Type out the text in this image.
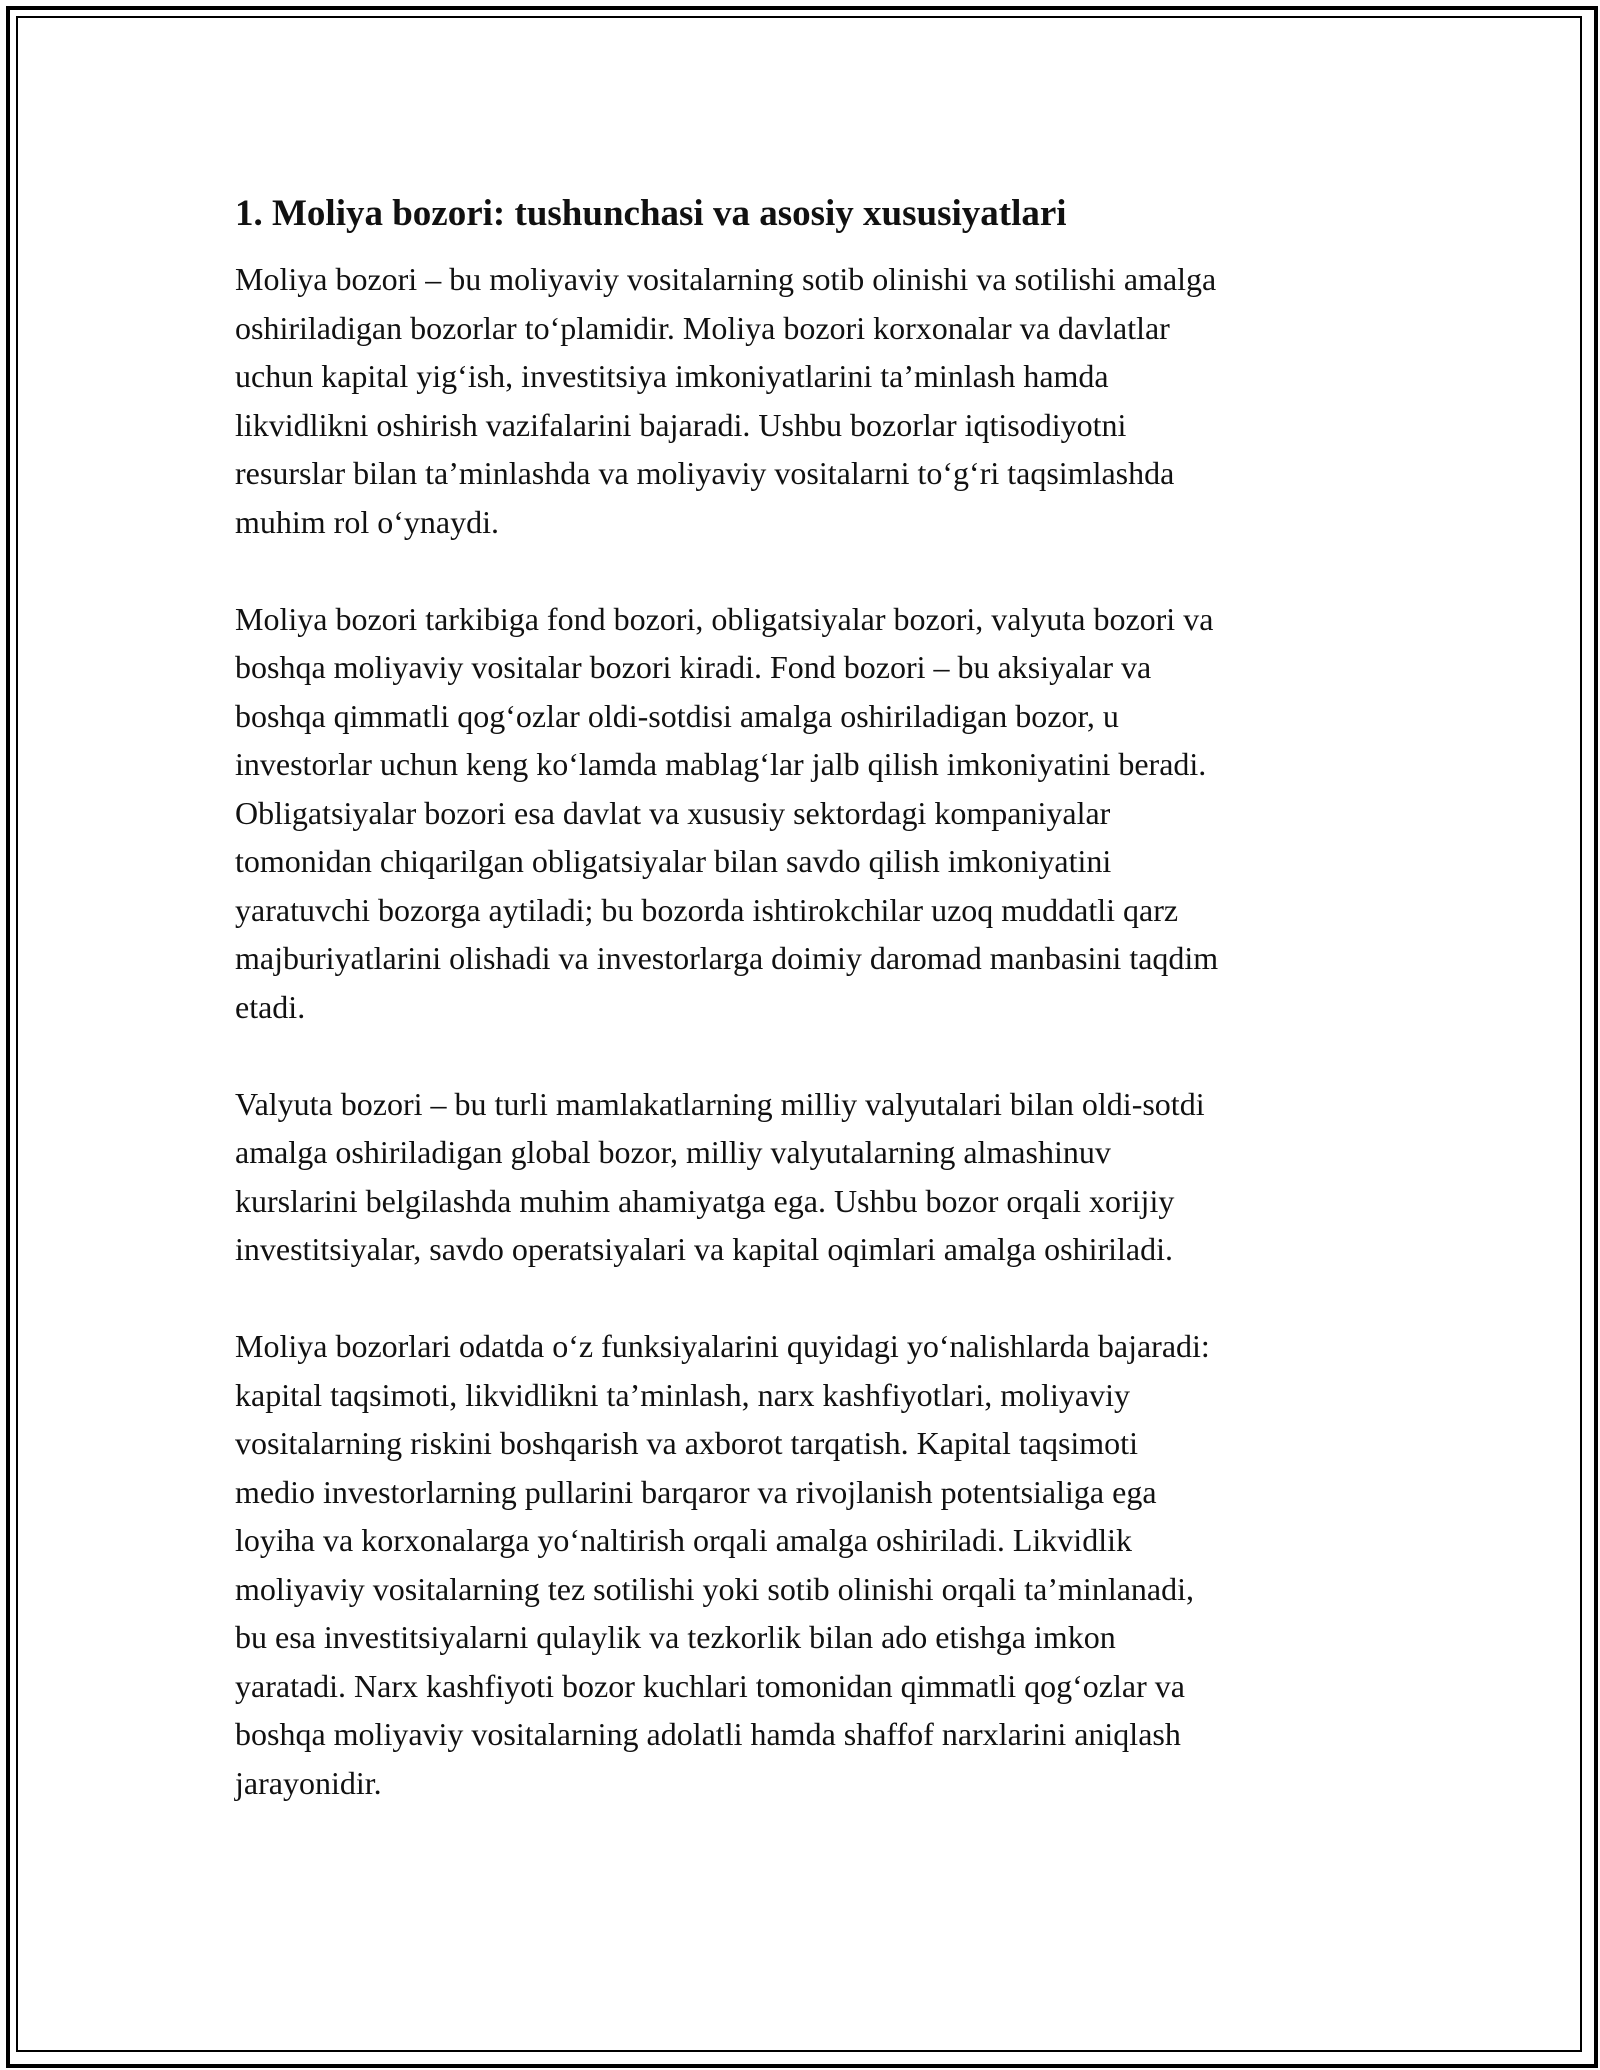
1. Moliya bozori: tushunchasi va asosiy xususiyatlari

Moliya bozori – bu moliyaviy vositalarning sotib olinishi va sotilishi amalga
oshiriladigan bozorlar to‘plamidir. Moliya bozori korxonalar va davlatlar
uchun kapital yig‘ish, investitsiya imkoniyatlarini ta’minlash hamda
likvidlikni oshirish vazifalarini bajaradi. Ushbu bozorlar iqtisodiyotni
resurslar bilan ta’minlashda va moliyaviy vositalarni to‘g‘ri taqsimlashda
muhim rol o‘ynaydi.

Moliya bozori tarkibiga fond bozori, obligatsiyalar bozori, valyuta bozori va
boshqa moliyaviy vositalar bozori kiradi. Fond bozori – bu aksiyalar va
boshqa qimmatli qog‘ozlar oldi-sotdisi amalga oshiriladigan bozor, u
investorlar uchun keng ko‘lamda mablag‘lar jalb qilish imkoniyatini beradi.
Obligatsiyalar bozori esa davlat va xususiy sektordagi kompaniyalar
tomonidan chiqarilgan obligatsiyalar bilan savdo qilish imkoniyatini
yaratuvchi bozorga aytiladi; bu bozorda ishtirokchilar uzoq muddatli qarz
majburiyatlarini olishadi va investorlarga doimiy daromad manbasini taqdim
etadi.

Valyuta bozori – bu turli mamlakatlarning milliy valyutalari bilan oldi-sotdi
amalga oshiriladigan global bozor, milliy valyutalarning almashinuv
kurslarini belgilashda muhim ahamiyatga ega. Ushbu bozor orqali xorijiy
investitsiyalar, savdo operatsiyalari va kapital oqimlari amalga oshiriladi.

Moliya bozorlari odatda o‘z funksiyalarini quyidagi yo‘nalishlarda bajaradi:
kapital taqsimoti, likvidlikni ta’minlash, narx kashfiyotlari, moliyaviy
vositalarning riskini boshqarish va axborot tarqatish. Kapital taqsimoti
medio investorlarning pullarini barqaror va rivojlanish potentsialiga ega
loyiha va korxonalarga yo‘naltirish orqali amalga oshiriladi. Likvidlik
moliyaviy vositalarning tez sotilishi yoki sotib olinishi orqali ta’minlanadi,
bu esa investitsiyalarni qulaylik va tezkorlik bilan ado etishga imkon
yaratadi. Narx kashfiyoti bozor kuchlari tomonidan qimmatli qog‘ozlar va
boshqa moliyaviy vositalarning adolatli hamda shaffof narxlarini aniqlash
jarayonidir.
